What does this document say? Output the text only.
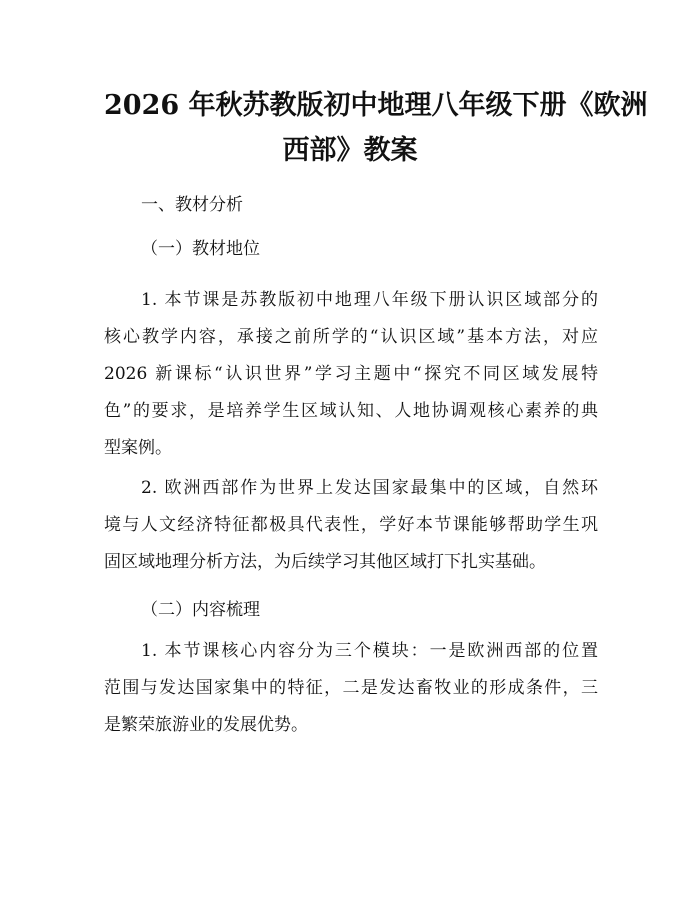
2026 年秋苏教版初中地理八年级下册《欧洲
西部》教案

一、教材分析

（一）教材地位

1. 本节课是苏教版初中地理八年级下册认识区域部分的
核心教学内容，承接之前所学的“认识区域”基本方法，对应
2026 新课标“认识世界”学习主题中“探究不同区域发展特
色”的要求，是培养学生区域认知、人地协调观核心素养的典
型案例。
2. 欧洲西部作为世界上发达国家最集中的区域，自然环
境与人文经济特征都极具代表性，学好本节课能够帮助学生巩
固区域地理分析方法，为后续学习其他区域打下扎实基础。

（二）内容梳理

1. 本节课核心内容分为三个模块：一是欧洲西部的位置
范围与发达国家集中的特征，二是发达畜牧业的形成条件，三
是繁荣旅游业的发展优势。
